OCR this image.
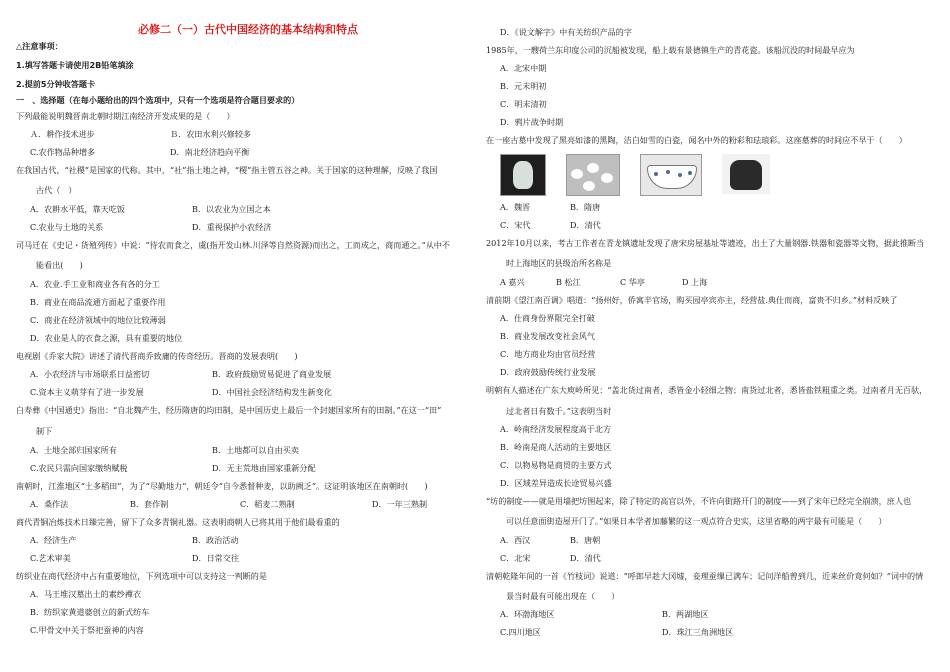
必修二（一）古代中国经济的基本结构和特点
△注意事项：
1.填写答题卡请使用2B铅笔填涂
2.提前5分钟收答题卡
一　、选择题（在每小题给出的四个选项中，只有一个选项是符合题目要求的）
下列最能说明魏晋南北朝时期江南经济开发成果的是（　　）
Ａ．耕作技术进步	Ｂ．农田水利兴修较多
C.农作物品种增多	D．南北经济趋向平衡
在我国古代，“社稷”是国家的代称。其中，“社”指土地之神，“稷”指主管五谷之神。关于国家的这种理解，反映了我国
古代（　）
A．农耕水平低，靠天吃饭	B．以农业为立国之本
C.农业与土地的关系	D．重视保护小农经济
司马迁在《史记・货殖列传》中说：“待农而食之，虞(指开发山林.川泽等自然资源)而出之，工而成之，商而通之。”从中不
能看出(　　)
A．农业.手工业和商业各有各的分工
B．商业在商品流通方面起了重要作用
C．商业在经济领域中的地位比较薄弱
D．农业是人的衣食之源，具有重要的地位
电视剧《乔家大院》讲述了清代晋商乔致庸的传奇经历。晋商的发展表明(　　)
A．小农经济与市场联系日益密切	B．政府鼓励贸易促进了商业发展
C.资本主义萌芽有了进一步发展	D．中国社会经济结构发生新变化
白寿彝《中国通史》指出：“自北魏产生，经历隋唐的均田制，是中国历史上最后一个封建国家所有的田制。”在这一“田”
制下
A．土地全部归国家所有	B．土地都可以自由买卖
C.农民只需向国家缴纳赋税	D．无主荒地由国家重新分配
南朝时，江淮地区“土多稻田”，为了“尽勤地力”，朝廷令“自今悉督种麦，以助阙乏”。这证明该地区在南朝时(　　)
A．桑作法	B．套作制	C．稻麦二熟制	D．一年三熟制
商代青铜冶炼技术日臻完善，留下了众多青铜礼器。这表明商朝人已将其用于他们最看重的
A．经济生产	B．政治活动
C.艺术审美	D．日常交往
纺织业在商代经济中占有重要地位，下列选项中可以支持这一判断的是
A．马王堆汉墓出土的素纱襌衣
B．纺织家黄道婆创立的新式纺车
C.甲骨文中关于祭祀蚕神的内容
D．《说文解字》中有关纺织产品的字
1985年，一艘荷兰东印度公司的沉船被发现，船上载有景德镇生产的青花瓷。该船沉没的时间最早应为
A．北宋中期
B．元末明初
C．明末清初
D．鸦片战争时期
在一座古墓中发现了黑亮如漆的黑陶，洁白如雪的白瓷，闻名中外的粉彩和珐琅彩。这座墓葬的时间应不早于（　　）
A．魏晋	B．隋唐
C．宋代	D．清代
2012年10月以来，考古工作者在青龙镇遗址发现了唐宋房屋基址等遗迹，出土了大量钢器.铁器和瓷器等文物，据此推断当
时上海地区的县级治所名称是
A 嘉兴	B 松江	C 华亭	D 上海
清前期《望江南百调》唱道：“扬州好，侨寓半官场，购买园亭宾亦主，经营盐.典仕而商，富贵不归乡。”材料反映了
A．仕商身份界限完全打破
B．商业发展改变社会风气
C．地方商业均由官员经营
D．政府鼓励传统行业发展
明朝有人描述在广东大庾岭所见：“盖北货过南者，悉皆金小轻细之物；南货过北者，悉皆盐铁粗重之类。过南者月无百驮，
过北者日有数千。”这表明当时
A．岭南经济发展程度高于北方
B．岭南是商人活动的主要地区
C．以物易物是商贸的主要方式
D．区域差异造成长途贸易兴盛
“坊的制度——就是用墙把坊围起来，除了特定的高官以外，不许向街路开门的制度——到了宋年已经完全崩溃，庶人也
可以任意面街造屋开门了。”如果日本学者加藤繁的这一观点符合史实，这里省略的两字最有可能是（　　）
A．西汉	B．唐朝
C．北宋	D．清代
清朝乾隆年间的一首《竹枝词》说道：“呼郎早趁大冈墟，妾理蚕缫已满车；记问洋船曾到几，近来丝价竟何如？”词中的情
景当时最有可能出现在（　　）
A．环渤海地区	B．两湖地区
C.四川地区	D．珠江三角洲地区
